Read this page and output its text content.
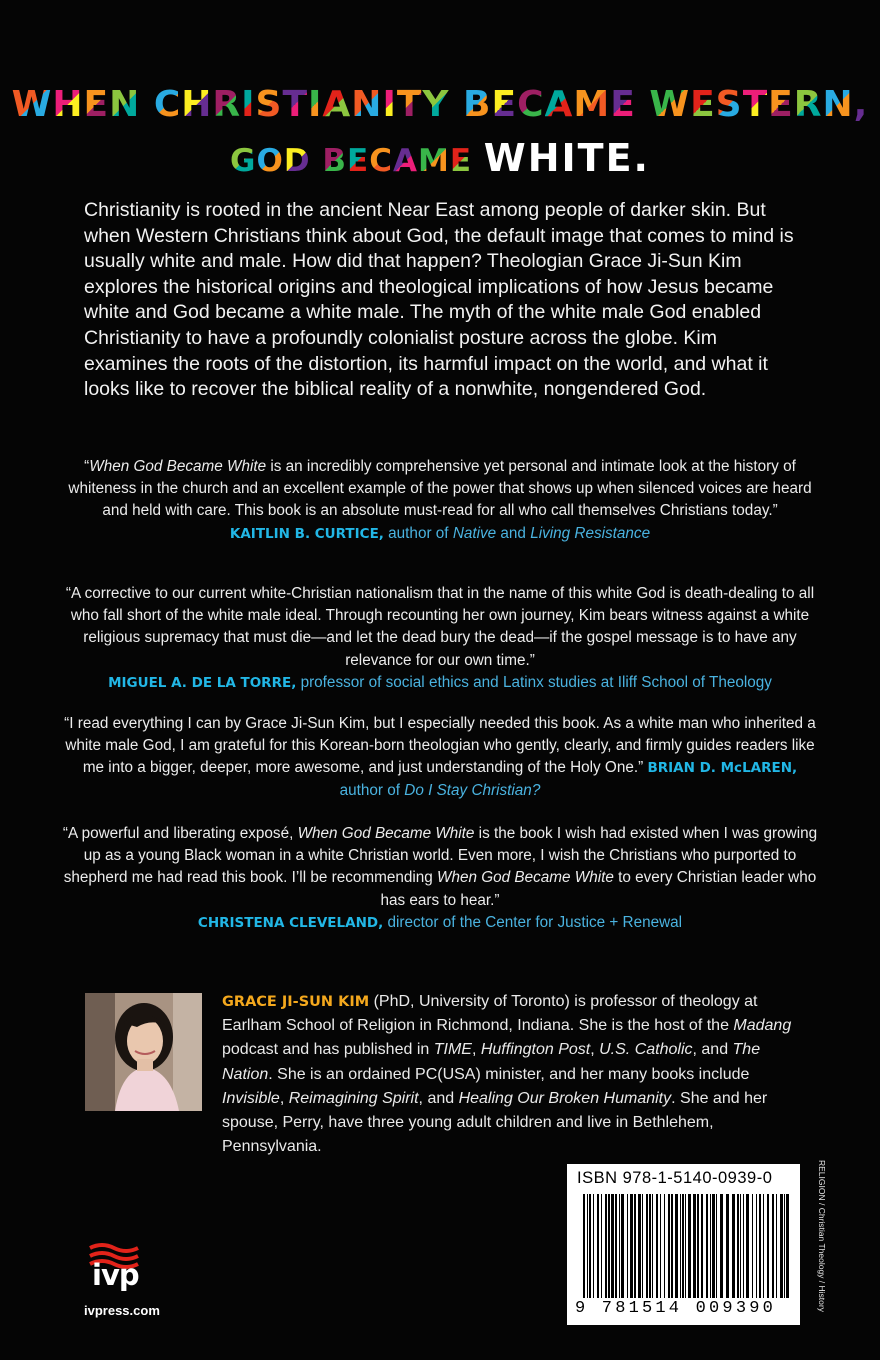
WHEN CHRISTIANITY BECAME WESTERN,
GOD BECAME WHITE.
Christianity is rooted in the ancient Near East among people of darker skin. But when Western Christians think about God, the default image that comes to mind is usually white and male. How did that happen? Theologian Grace Ji-Sun Kim explores the historical origins and theological implications of how Jesus became white and God became a white male. The myth of the white male God enabled Christianity to have a profoundly colonialist posture across the globe. Kim examines the roots of the distortion, its harmful impact on the world, and what it looks like to recover the biblical reality of a nonwhite, nongendered God.
“When God Became White is an incredibly comprehensive yet personal and intimate look at the history of whiteness in the church and an excellent example of the power that shows up when silenced voices are heard and held with care. This book is an absolute must-read for all who call themselves Christians today.”
KAITLIN B. CURTICE, author of Native and Living Resistance
“A corrective to our current white-Christian nationalism that in the name of this white God is death-dealing to all who fall short of the white male ideal. Through recounting her own journey, Kim bears witness against a white religious supremacy that must die—and let the dead bury the dead—if the gospel message is to have any relevance for our own time.”
MIGUEL A. DE LA TORRE, professor of social ethics and Latinx studies at Iliff School of Theology
“I read everything I can by Grace Ji-Sun Kim, but I especially needed this book. As a white man who inherited a white male God, I am grateful for this Korean-born theologian who gently, clearly, and firmly guides readers like me into a bigger, deeper, more awesome, and just understanding of the Holy One.” BRIAN D. McLAREN, author of Do I Stay Christian?
“A powerful and liberating exposé, When God Became White is the book I wish had existed when I was growing up as a young Black woman in a white Christian world. Even more, I wish the Christians who purported to shepherd me had read this book. I’ll be recommending When God Became White to every Christian leader who has ears to hear.”
CHRISTENA CLEVELAND, director of the Center for Justice + Renewal
GRACE JI-SUN KIM (PhD, University of Toronto) is professor of theology at Earlham School of Religion in Richmond, Indiana. She is the host of the Madang podcast and has published in TIME, Huffington Post, U.S. Catholic, and The Nation. She is an ordained PC(USA) minister, and her many books include Invisible, Reimagining Spirit, and Healing Our Broken Humanity. She and her spouse, Perry, have three young adult children and live in Bethlehem, Pennsylvania.
ISBN 978-1-5140-0939-0
9 781514 009390	RELIGION / Christian Theology / History
ivp
ivpress.com
